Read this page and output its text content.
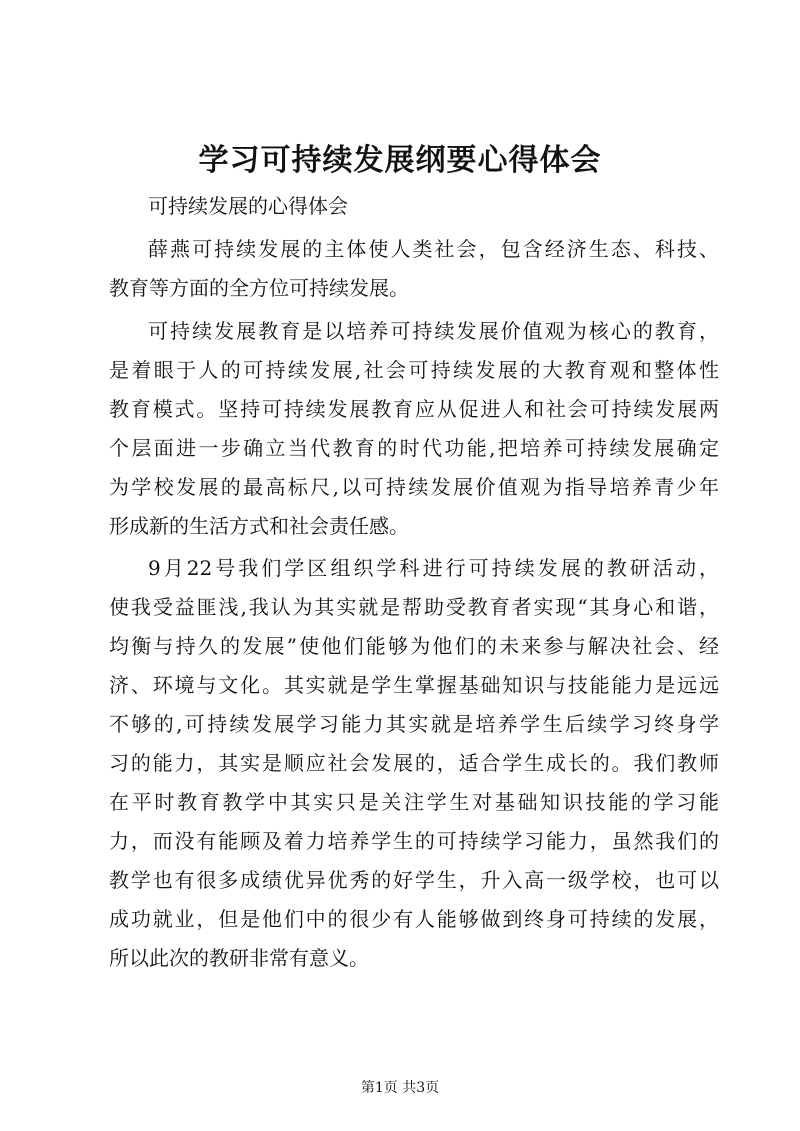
学习可持续发展纲要心得体会

可持续发展的心得体会

薛燕可持续发展的主体使人类社会，包含经济生态、科技、

教育等方面的全方位可持续发展。

可持续发展教育是以培养可持续发展价值观为核心的教育，

是着眼于人的可持续发展,社会可持续发展的大教育观和整体性

教育模式。坚持可持续发展教育应从促进人和社会可持续发展两

个层面进一步确立当代教育的时代功能,把培养可持续发展确定

为学校发展的最高标尺,以可持续发展价值观为指导培养青少年

形成新的生活方式和社会责任感。

9月22号我们学区组织学科进行可持续发展的教研活动，

使我受益匪浅,我认为其实就是帮助受教育者实现“其身心和谐，

均衡与持久的发展”使他们能够为他们的未来参与解决社会、经

济、环境与文化。其实就是学生掌握基础知识与技能能力是远远

不够的,可持续发展学习能力其实就是培养学生后续学习终身学

习的能力，其实是顺应社会发展的，适合学生成长的。我们教师

在平时教育教学中其实只是关注学生对基础知识技能的学习能

力，而没有能顾及着力培养学生的可持续学习能力，虽然我们的

教学也有很多成绩优异优秀的好学生，升入高一级学校，也可以

成功就业，但是他们中的很少有人能够做到终身可持续的发展，

所以此次的教研非常有意义。

第1页 共3页
